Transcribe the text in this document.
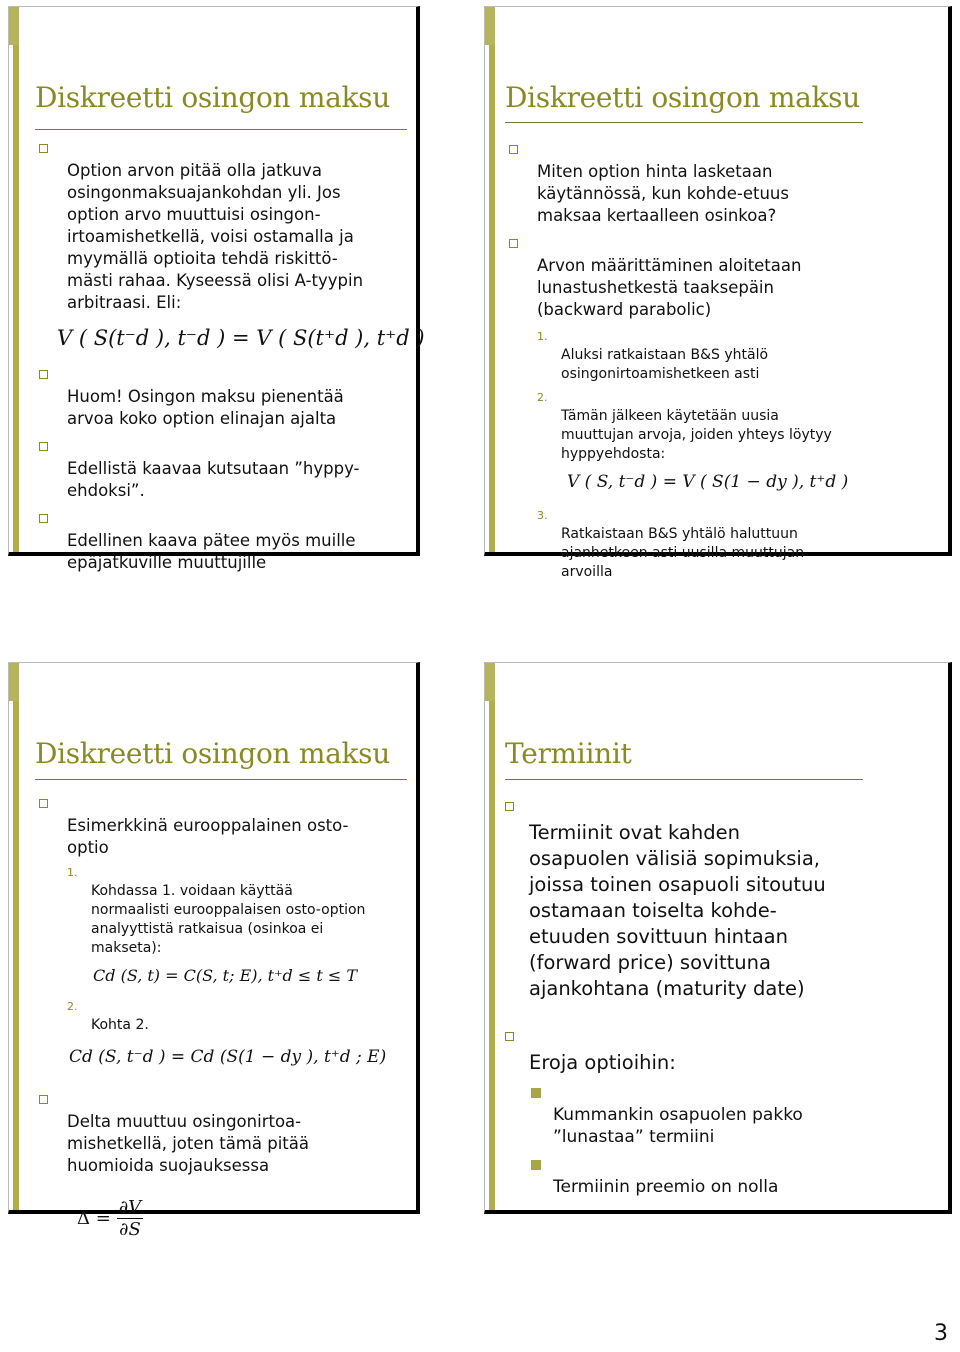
Diskreetti osingon maksu

Option arvon pitää olla jatkuva
osingonmaksuajankohdan yli. Jos
option arvo muuttuisi osingon-
irtoamishetkellä, voisi ostamalla ja
myymällä optioita tehdä riskittö-
mästi rahaa. Kyseessä olisi A-tyypin
arbitraasi. Eli:

V ( S(t⁻d ), t⁻d ) = V ( S(t⁺d ), t⁺d )

Huom! Osingon maksu pienentää
arvoa koko option elinajan ajalta

Edellistä kaavaa kutsutaan ”hyppy-
ehdoksi”.

Edellinen kaava pätee myös muille
epäjatkuville muuttujille

Diskreetti osingon maksu

Miten option hinta lasketaan
käytännössä, kun kohde-etuus
maksaa kertaalleen osinkoa?

Arvon määrittäminen aloitetaan
lunastushetkestä taaksepäin
(backward parabolic)

1.
Aluksi ratkaistaan B&S yhtälö
osingonirtoamishetkeen asti

2.
Tämän jälkeen käytetään uusia
muuttujan arvoja, joiden yhteys löytyy
hyppyehdosta:

V ( S, t⁻d ) = V ( S(1 − dy ), t⁺d )

3.
Ratkaistaan B&S yhtälö haluttuun
ajanhetkeen asti uusilla muuttujan
arvoilla

Diskreetti osingon maksu

Esimerkkinä eurooppalainen osto-
optio

1.
Kohdassa 1. voidaan käyttää
normaalisti eurooppalaisen osto-option
analyyttistä ratkaisua (osinkoa ei
makseta):

Cd (S, t) = C(S, t; E), t⁺d ≤ t ≤ T

2.
Kohta 2.

Cd (S, t⁻d ) = Cd (S(1 − dy ), t⁺d ; E)

Delta muuttuu osingonirtoa-
mishetkellä, joten tämä pitää
huomioida suojauksessa

$\Delta = \frac{\partial V}{\partial S}$
Termiinit

Termiinit ovat kahden
osapuolen välisiä sopimuksia,
joissa toinen osapuoli sitoutuu
ostamaan toiselta kohde-
etuuden sovittuun hintaan
(forward price) sovittuna
ajankohtana (maturity date)

Eroja optioihin:

Kummankin osapuolen pakko
”lunastaa” termiini

Termiinin preemio on nolla

3
